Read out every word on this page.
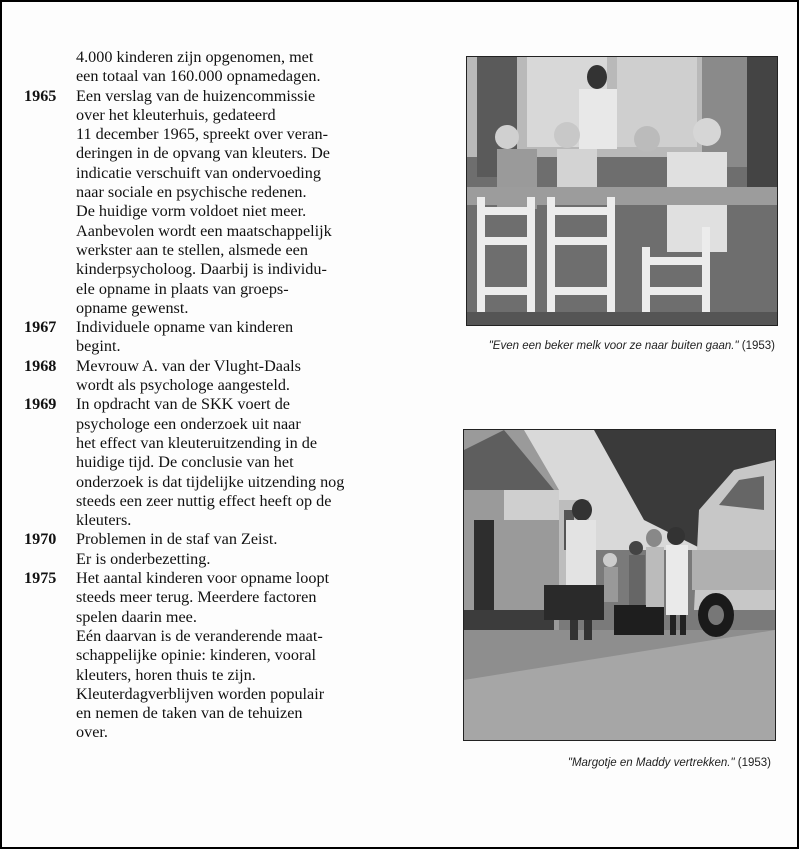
4.000 kinderen zijn opgenomen, met
een totaal van 160.000 opnamedagen.
1965	Een verslag van de huizencommissie
over het kleuterhuis, gedateerd
11 december 1965, spreekt over veran-
deringen in de opvang van kleuters. De
indicatie verschuift van ondervoeding
naar sociale en psychische redenen.
De huidige vorm voldoet niet meer.
Aanbevolen wordt een maatschappelijk
werkster aan te stellen, alsmede een
kinderpsycholoog. Daarbij is individu-
ele opname in plaats van groeps-
opname gewenst.
1967	Individuele opname van kinderen
begint.
1968	Mevrouw A. van der Vlught-Daals
wordt als psychologe aangesteld.
1969	In opdracht van de SKK voert de
psychologe een onderzoek uit naar
het effect van kleuteruitzending in de
huidige tijd. De conclusie van het
onderzoek is dat tijdelijke uitzending nog
steeds een zeer nuttig effect heeft op de
kleuters.
1970	Problemen in de staf van Zeist.
Er is onderbezetting.
1975	Het aantal kinderen voor opname loopt
steeds meer terug. Meerdere factoren
spelen daarin mee.
Eén daarvan is de veranderende maat-
schappelijke opinie: kinderen, vooral
kleuters, horen thuis te zijn.
Kleuterdagverblijven worden populair
en nemen de taken van de tehuizen
over.
"Even een beker melk voor ze naar buiten gaan." (1953)
"Margotje en Maddy vertrekken." (1953)
